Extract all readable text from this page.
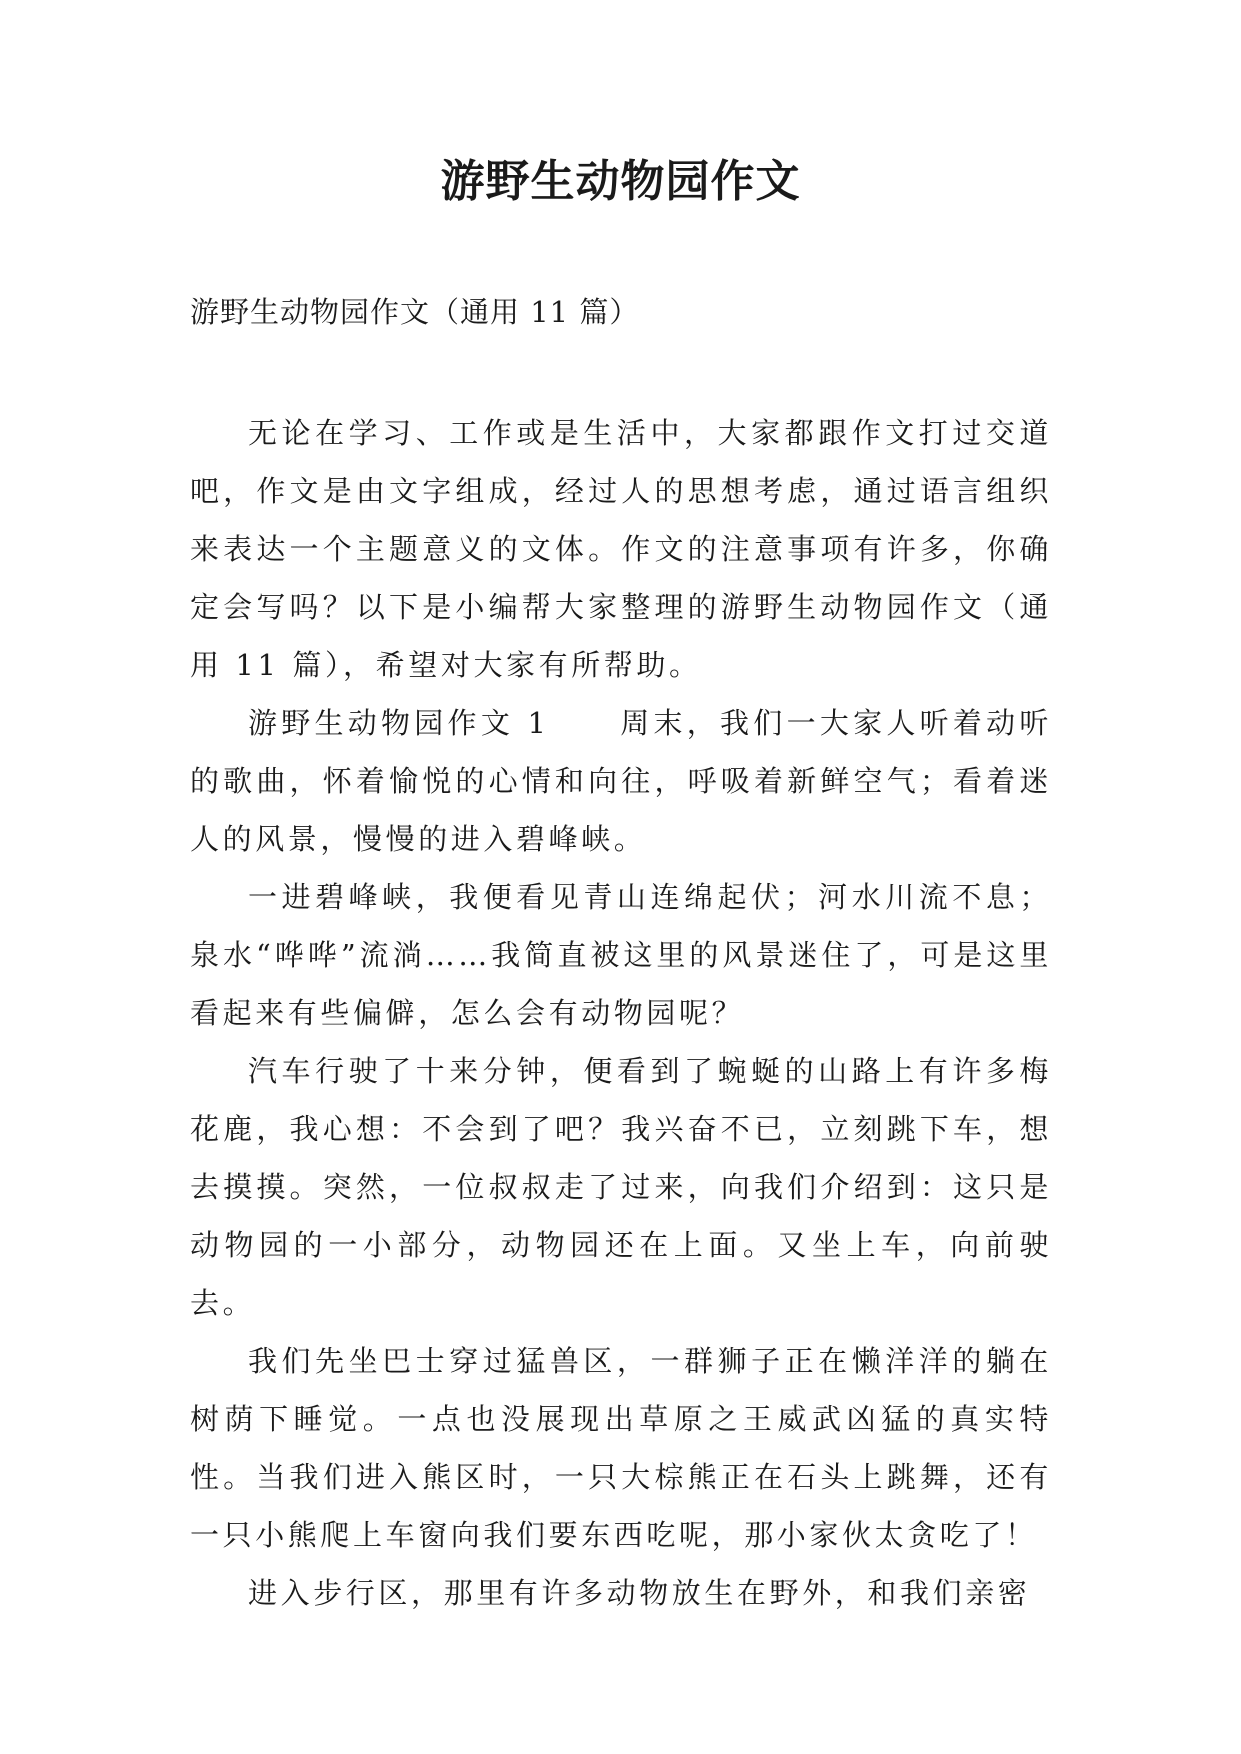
游野生动物园作文

游野生动物园作文（通用 11 篇）

无论在学习、工作或是生活中，大家都跟作文打过交道吧，作文是由文字组成，经过人的思想考虑，通过语言组织来表达一个主题意义的文体。作文的注意事项有许多，你确定会写吗？以下是小编帮大家整理的游野生动物园作文（通用 11 篇），希望对大家有所帮助。

游野生动物园作文 1 周末，我们一大家人听着动听的歌曲，怀着愉悦的心情和向往，呼吸着新鲜空气；看着迷人的风景，慢慢的进入碧峰峡。

一进碧峰峡，我便看见青山连绵起伏；河水川流不息；泉水“哗哗”流淌……我简直被这里的风景迷住了，可是这里看起来有些偏僻，怎么会有动物园呢？

汽车行驶了十来分钟，便看到了蜿蜒的山路上有许多梅花鹿，我心想：不会到了吧？我兴奋不已，立刻跳下车，想去摸摸。突然，一位叔叔走了过来，向我们介绍到：这只是动物园的一小部分，动物园还在上面。又坐上车，向前驶去。

我们先坐巴士穿过猛兽区，一群狮子正在懒洋洋的躺在树荫下睡觉。一点也没展现出草原之王威武凶猛的真实特性。当我们进入熊区时，一只大棕熊正在石头上跳舞，还有一只小熊爬上车窗向我们要东西吃呢，那小家伙太贪吃了！

进入步行区，那里有许多动物放生在野外，和我们亲密
